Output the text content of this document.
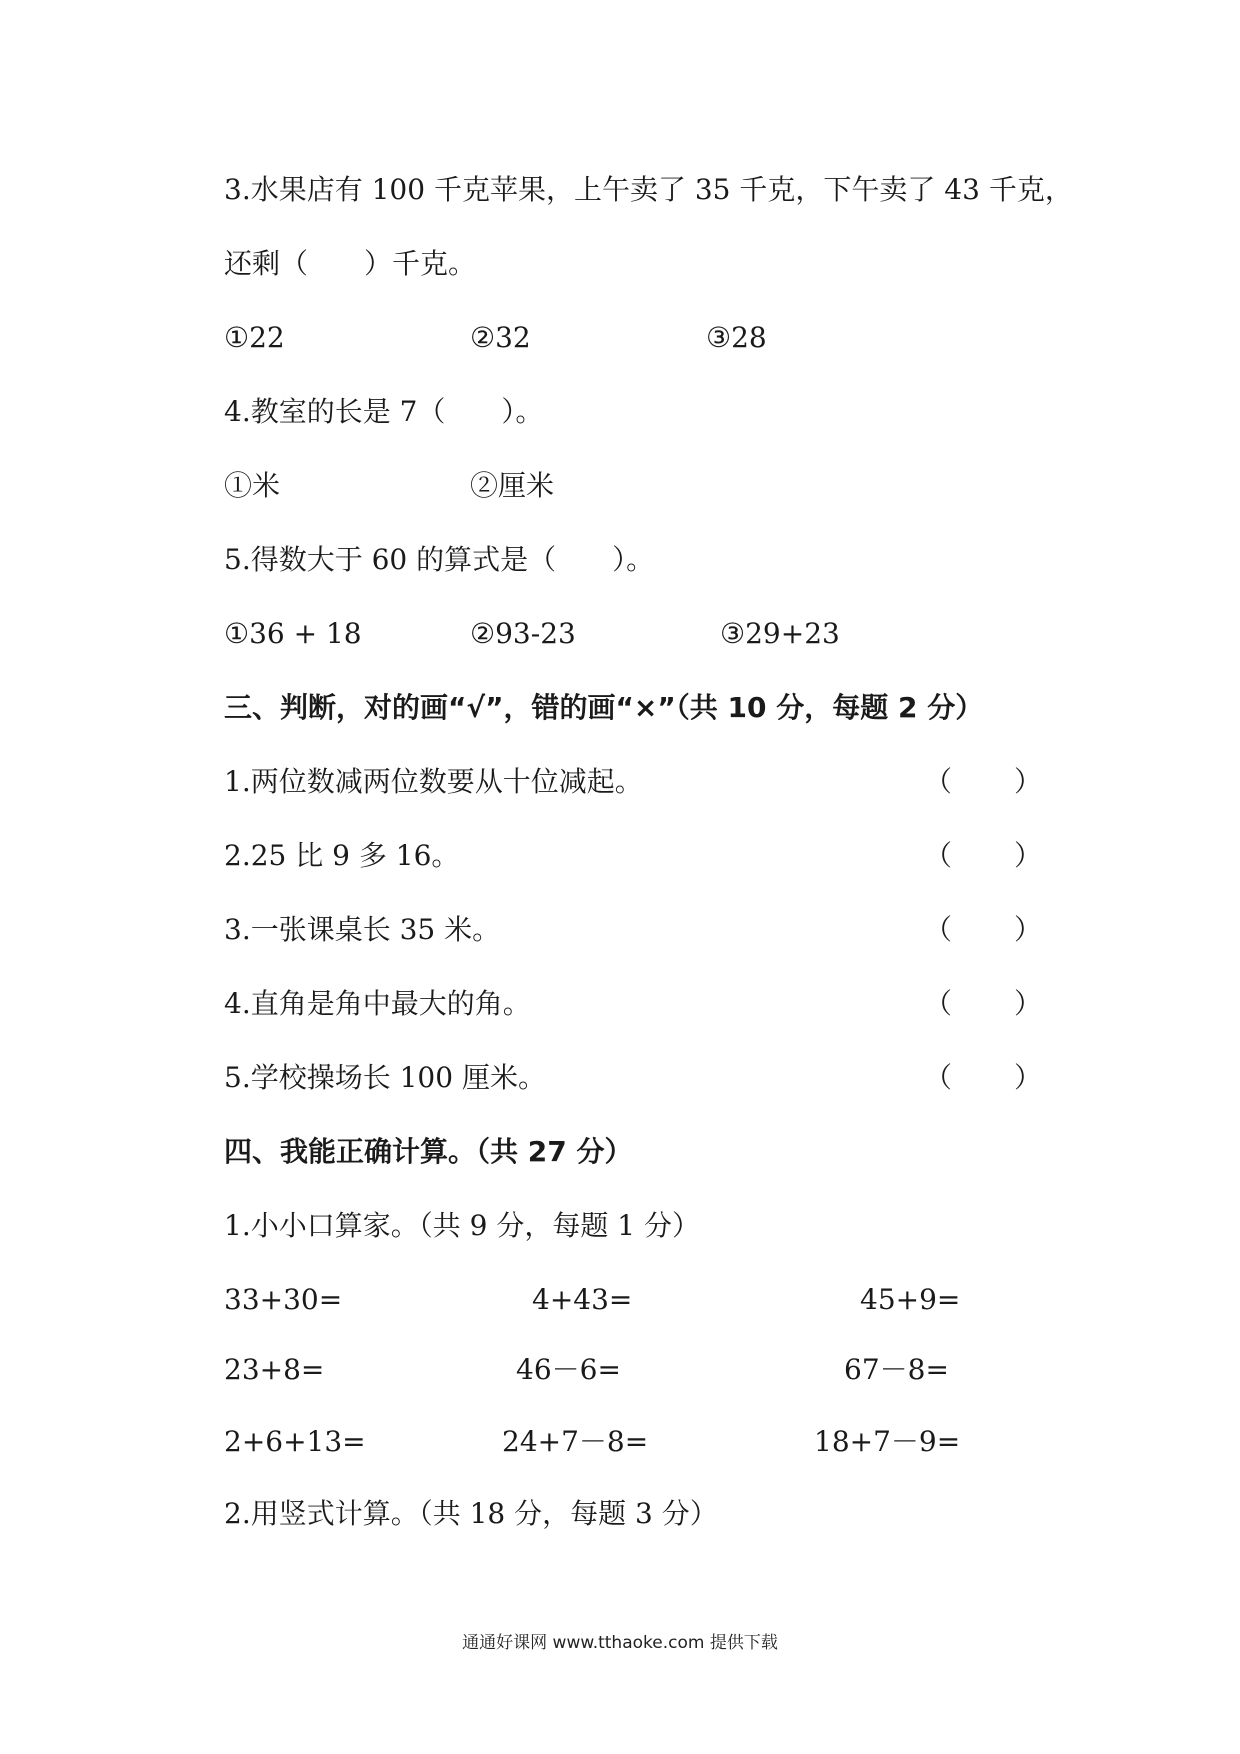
3.水果店有 100 千克苹果，上午卖了 35 千克，下午卖了 43 千克，
还剩（　　）千克。
①22	②32	③28
4.教室的长是 7（　　）。
①米	②厘米
5.得数大于 60 的算式是（　　）。
①36 + 18	②93-23	③29+23
三、判断，对的画“√”，错的画“×”（共 10 分，每题 2 分）
1.两位数减两位数要从十位减起。	（　　）
2.25 比 9 多 16。	（　　）
3.一张课桌长 35 米。	（　　）
4.直角是角中最大的角。	（　　）
5.学校操场长 100 厘米。	（　　）
四、我能正确计算。（共 27 分）
1.小小口算家。（共 9 分，每题 1 分）
33+30=	4+43=	45+9=
23+8=	46－6=	67－8=
2+6+13=	24+7－8=	18+7－9=
2.用竖式计算。（共 18 分，每题 3 分）
通通好课网 www.tthaoke.com 提供下载
